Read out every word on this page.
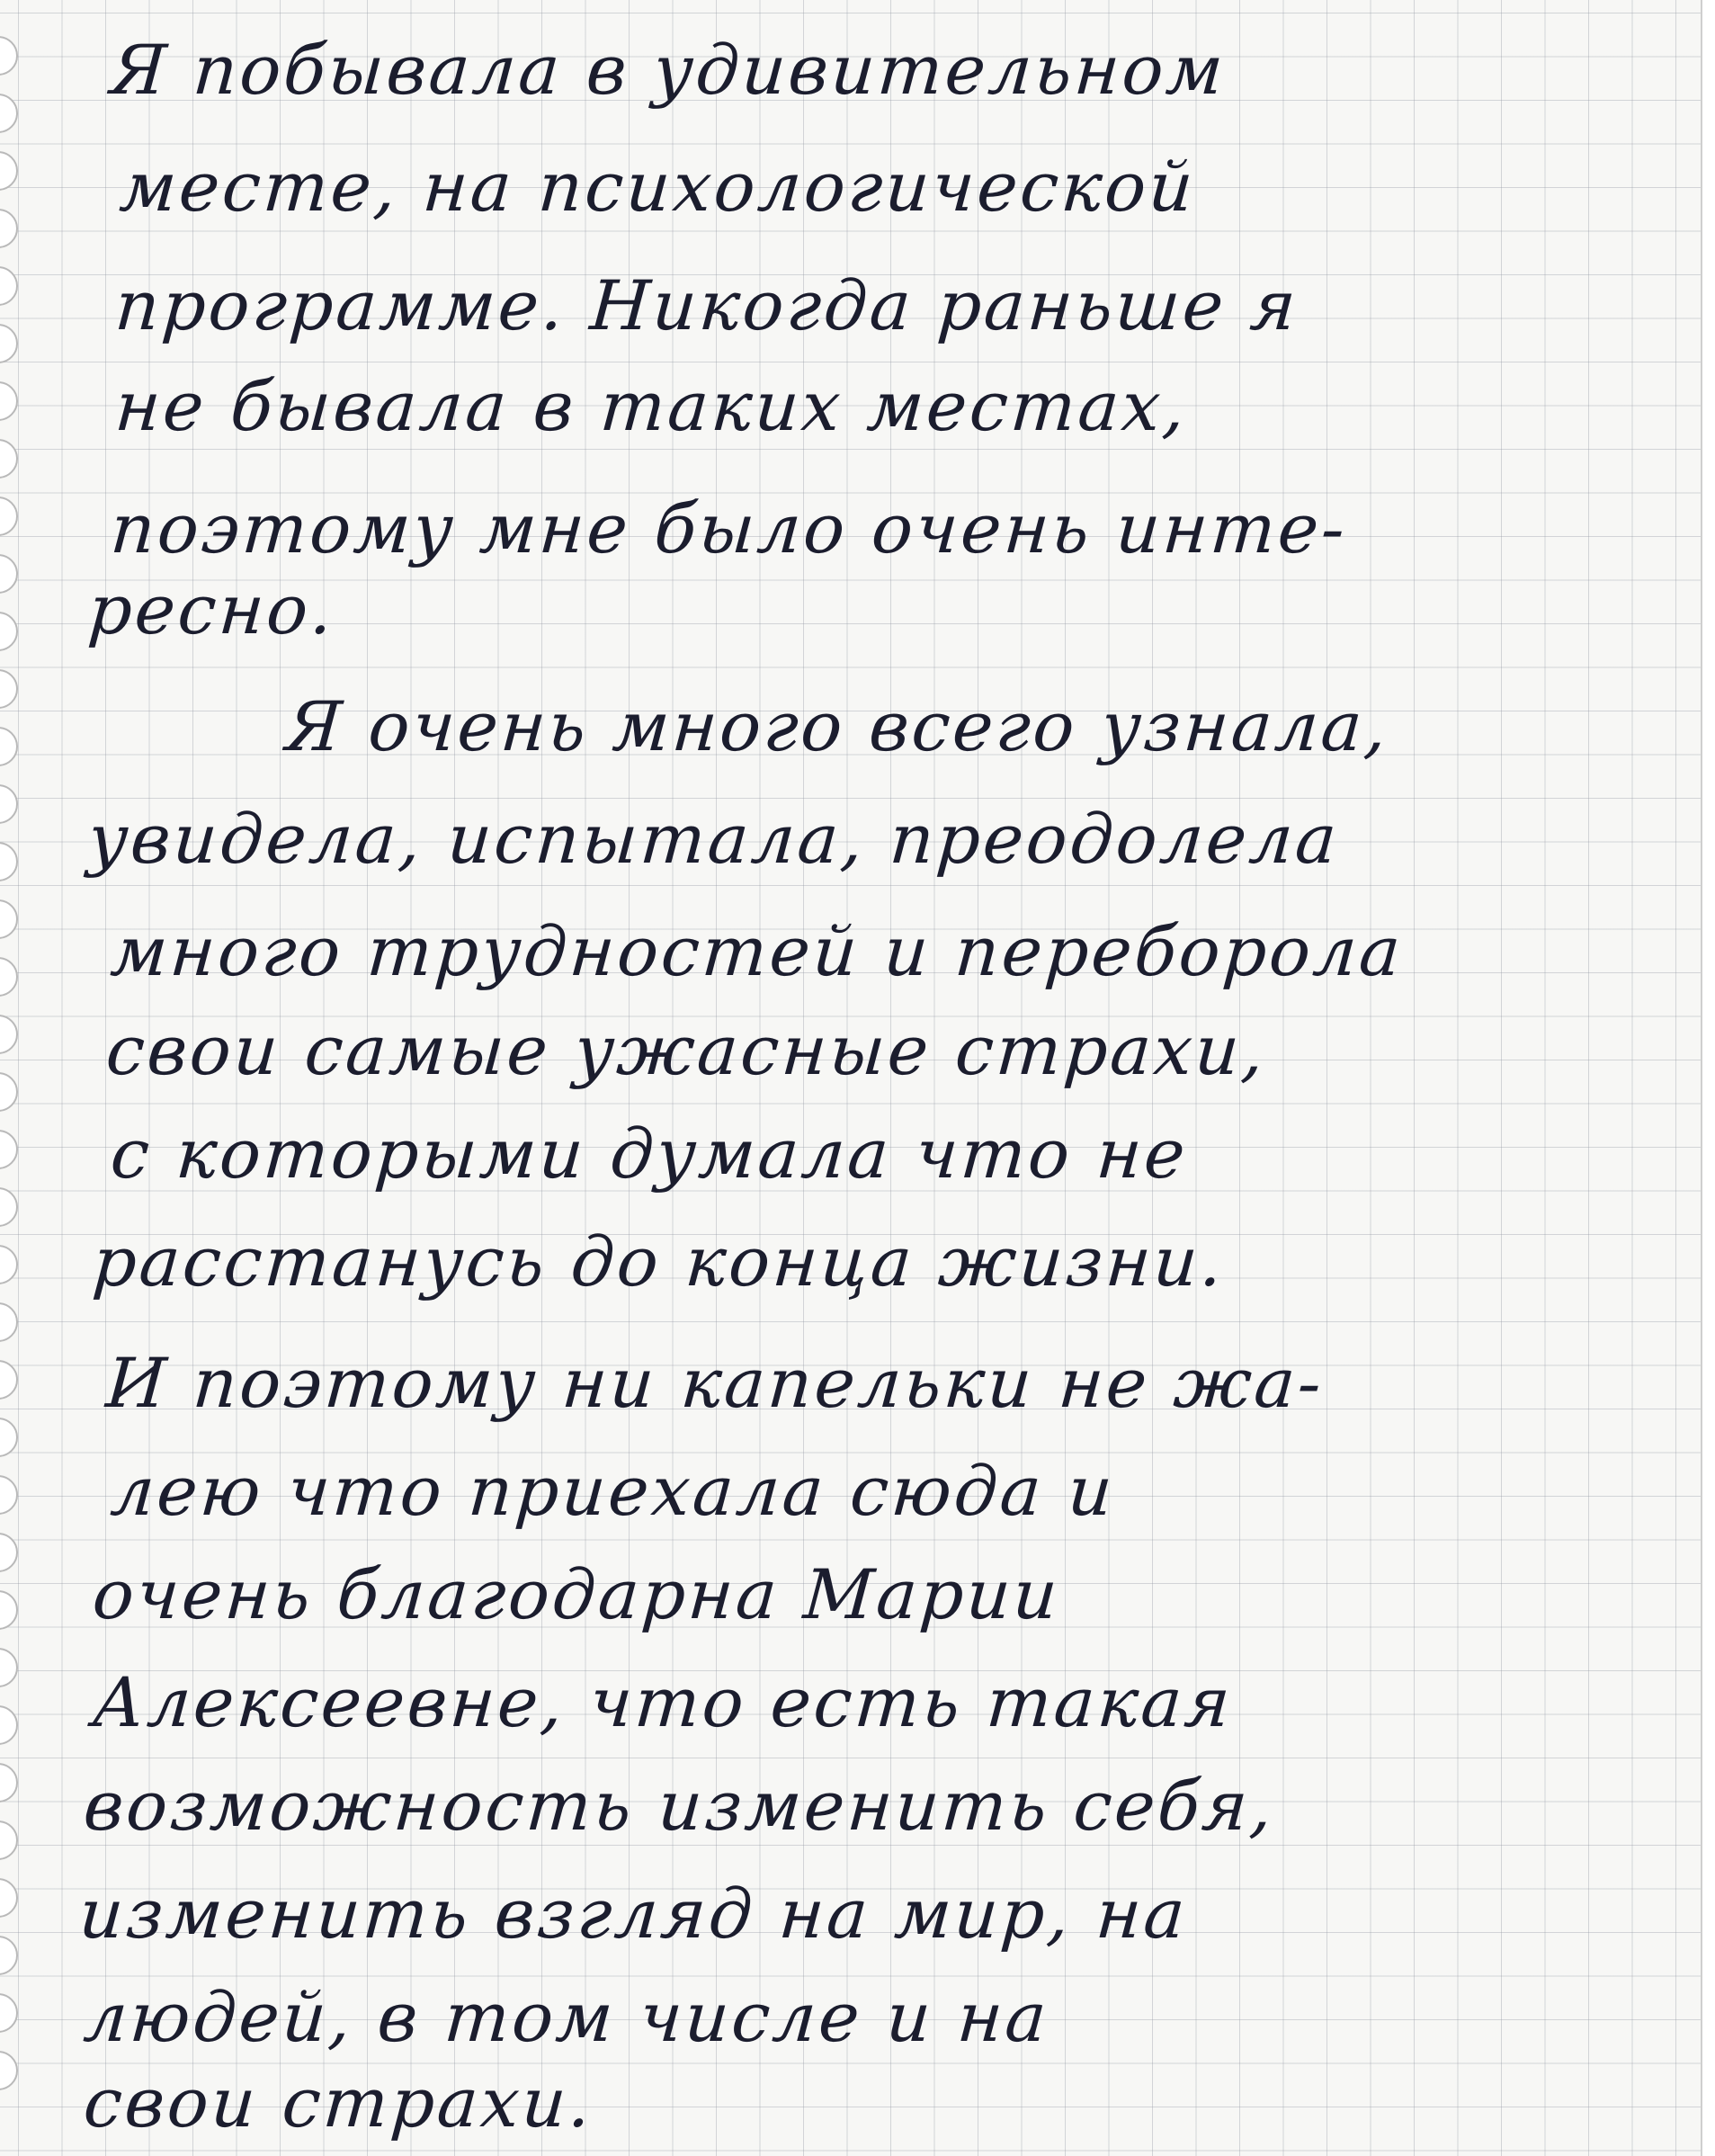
Я побывала в удивительном
месте, на психологической
программе. Никогда раньше я
не бывала в таких местах,
поэтому мне было очень инте-
ресно.
Я очень много всего узнала,
увидела, испытала, преодолела
много трудностей и переборола
свои самые ужасные страхи,
с которыми думала что не
расстанусь до конца жизни.
И поэтому ни капельки не жа-
лею что приехала сюда и
очень благодарна Марии
Алексеевне, что есть такая
возможность изменить себя,
изменить взгляд на мир, на
людей, в том числе и на
свои страхи.
